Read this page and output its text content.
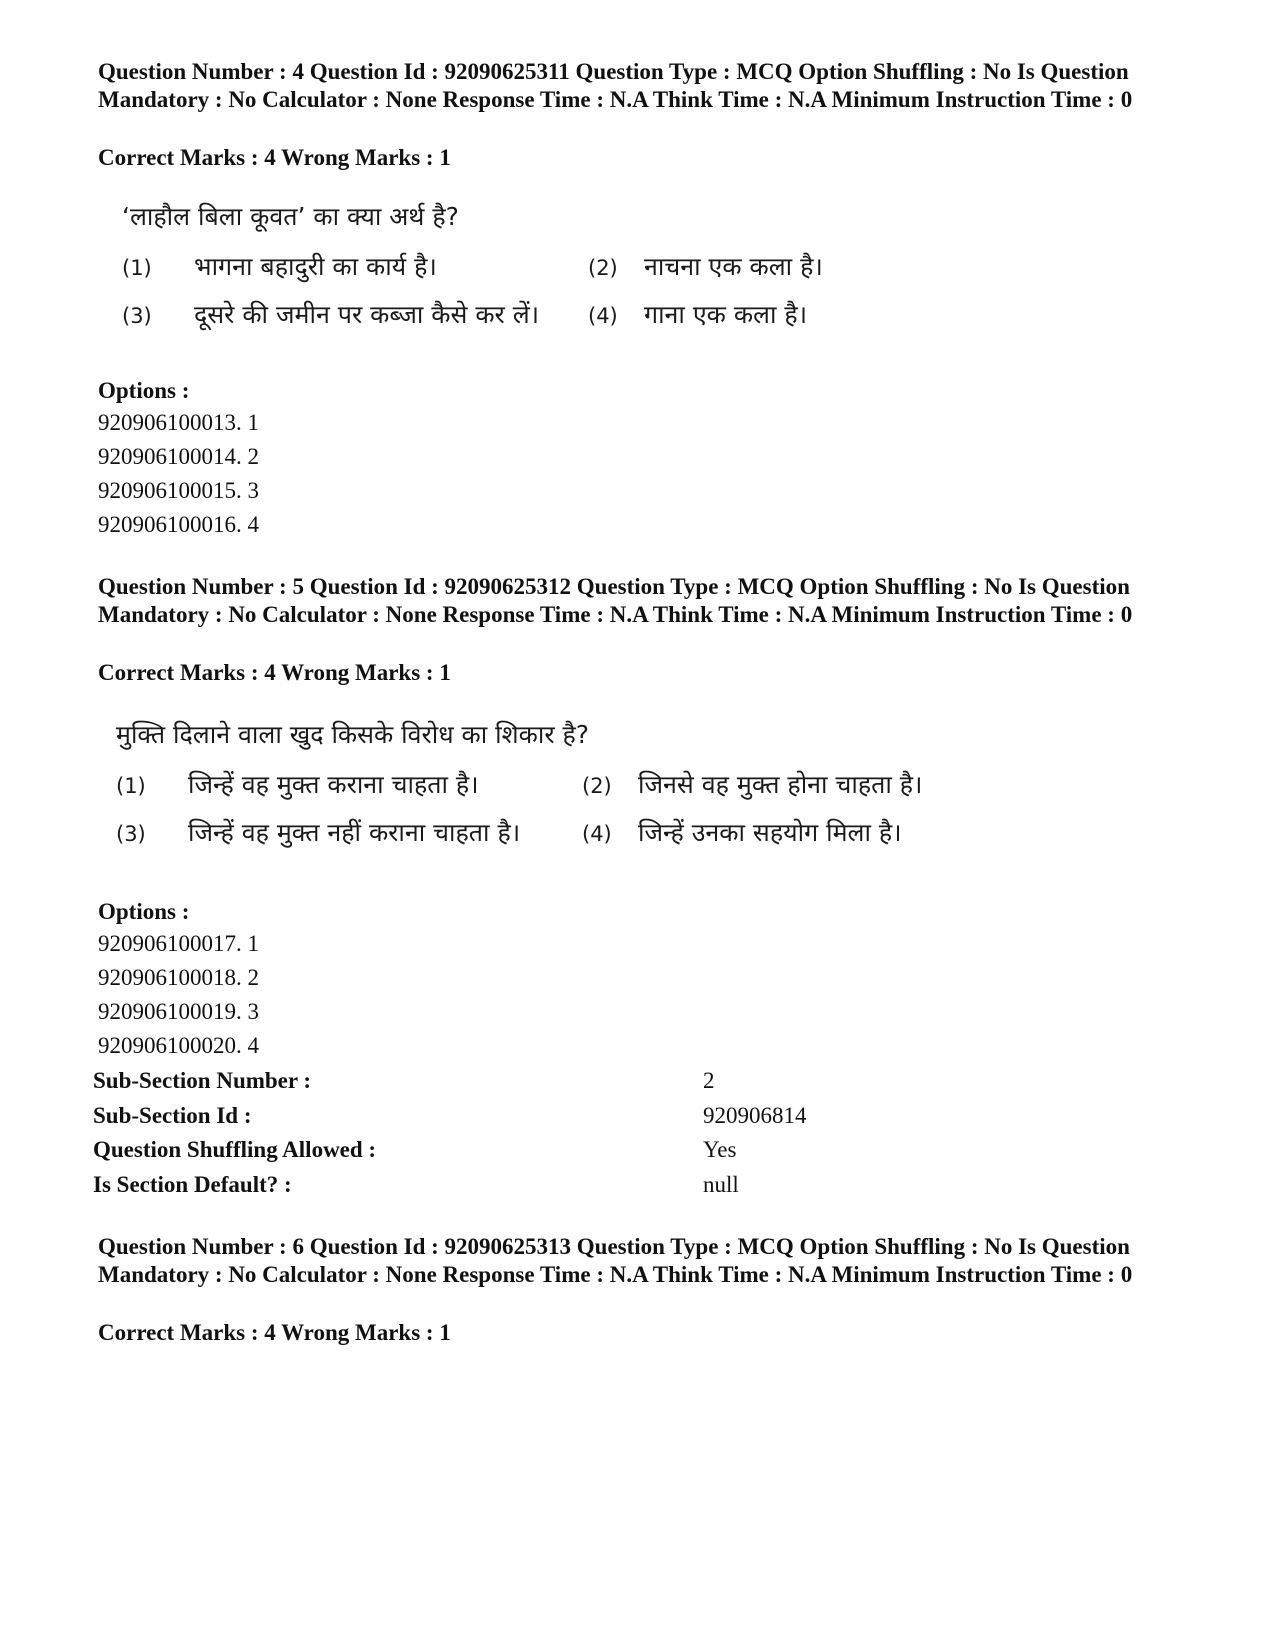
Question Number : 4 Question Id : 92090625311 Question Type : MCQ Option Shuffling : No Is Question Mandatory : No Calculator : None Response Time : N.A Think Time : N.A Minimum Instruction Time : 0
Correct Marks : 4 Wrong Marks : 1

‘लाहौल बिला कूवत’ का क्या अर्थ है?

(1) भागना बहादुरी का कार्य है।	(2) नाचना एक कला है।
(3) दूसरे की जमीन पर कब्जा कैसे कर लें।	(4) गाना एक कला है।
Options :
920906100013. 1
920906100014. 2
920906100015. 3
920906100016. 4
Question Number : 5 Question Id : 92090625312 Question Type : MCQ Option Shuffling : No Is Question Mandatory : No Calculator : None Response Time : N.A Think Time : N.A Minimum Instruction Time : 0
Correct Marks : 4 Wrong Marks : 1

मुक्ति दिलाने वाला खुद किसके विरोध का शिकार है?

(1) जिन्हें वह मुक्त कराना चाहता है।	(2) जिनसे वह मुक्त होना चाहता है।
(3) जिन्हें वह मुक्त नहीं कराना चाहता है।	(4) जिन्हें उनका सहयोग मिला है।
Options :
920906100017. 1
920906100018. 2
920906100019. 3
920906100020. 4
Sub-Section Number :	2
Sub-Section Id :	920906814
Question Shuffling Allowed :	Yes
Is Section Default? :	null
Question Number : 6 Question Id : 92090625313 Question Type : MCQ Option Shuffling : No Is Question Mandatory : No Calculator : None Response Time : N.A Think Time : N.A Minimum Instruction Time : 0
Correct Marks : 4 Wrong Marks : 1
